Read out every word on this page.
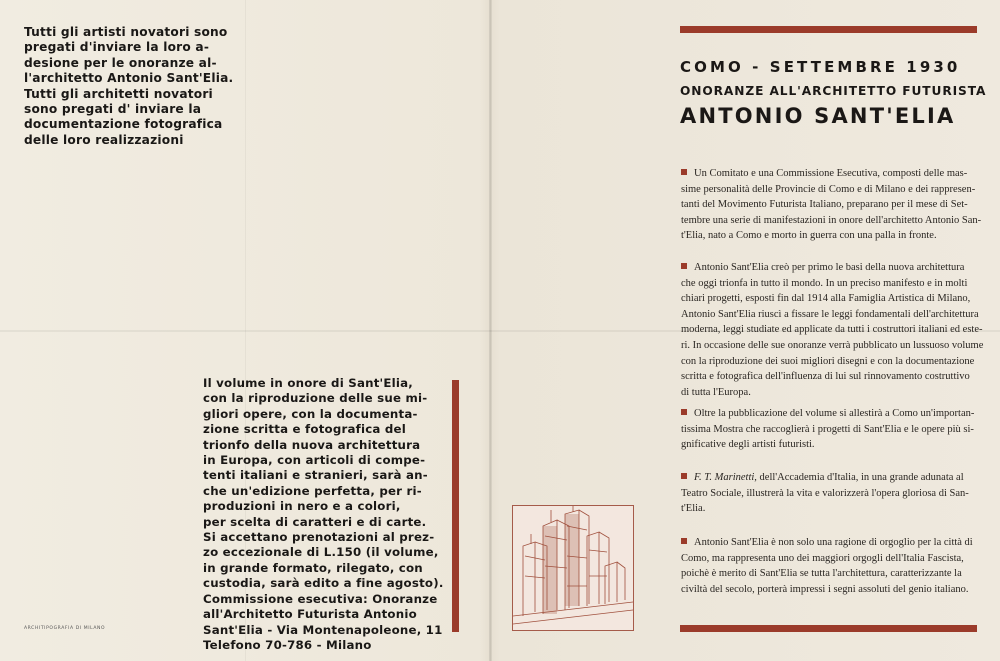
Tutti gli artisti novatori sono
pregati d'inviare la loro a-
desione per le onoranze al-
l'architetto Antonio Sant'Elia.
Tutti gli architetti novatori
sono pregati d' inviare la
documentazione fotografica
delle loro realizzazioni
Il volume in onore di Sant'Elia,
con la riproduzione delle sue mi-
gliori opere, con la documenta-
zione scritta e fotografica del
trionfo della nuova architettura
in Europa, con articoli di compe-
tenti italiani e stranieri, sarà an-
che un'edizione perfetta, per ri-
produzioni in nero e a colori,
per scelta di caratteri e di carte.
Si accettano prenotazioni al prez-
zo eccezionale di L.150 (il volume,
in grande formato, rilegato, con
custodia, sarà edito a fine agosto).
Commissione esecutiva: Onoranze
all'Architetto Futurista Antonio
Sant'Elia - Via Montenapoleone, 11
Telefono 70-786 - Milano
ARCHITIPOGRAFIA DI MILANO
COMO - SETTEMBRE 1930
ONORANZE ALL'ARCHITETTO FUTURISTA
ANTONIO SANT'ELIA
Un Comitato e una Commissione Esecutiva, composti delle mas-
sime personalità delle Provincie di Como e di Milano e dei rappresen-
tanti del Movimento Futurista Italiano, preparano per il mese di Set-
tembre una serie di manifestazioni in onore dell'architetto Antonio San-
t'Elia, nato a Como e morto in guerra con una palla in fronte.
Antonio Sant'Elia creò per primo le basi della nuova architettura
che oggi trionfa in tutto il mondo. In un preciso manifesto e in molti
chiari progetti, esposti fin dal 1914 alla Famiglia Artistica di Milano,
Antonio Sant'Elia riuscì a fissare le leggi fondamentali dell'architettura
moderna, leggi studiate ed applicate da tutti i costruttori italiani ed este-
ri. In occasione delle sue onoranze verrà pubblicato un lussuoso volume
con la riproduzione dei suoi migliori disegni e con la documentazione
scritta e fotografica dell'influenza di lui sul rinnovamento costruttivo
di tutta l'Europa.
Oltre la pubblicazione del volume si allestirà a Como un'importan-
tissima Mostra che raccoglierà i progetti di Sant'Elia e le opere più si-
gnificative degli artisti futuristi.
F. T. Marinetti, dell'Accademia d'Italia, in una grande adunata al
Teatro Sociale, illustrerà la vita e valorizzerà l'opera gloriosa di San-
t'Elia.
Antonio Sant'Elia è non solo una ragione di orgoglio per la città di
Como, ma rappresenta uno dei maggiori orgogli dell'Italia Fascista,
poichè è merito di Sant'Elia se tutta l'architettura, caratterizzante la
civiltà del secolo, porterà impressi i segni assoluti del genio italiano.
